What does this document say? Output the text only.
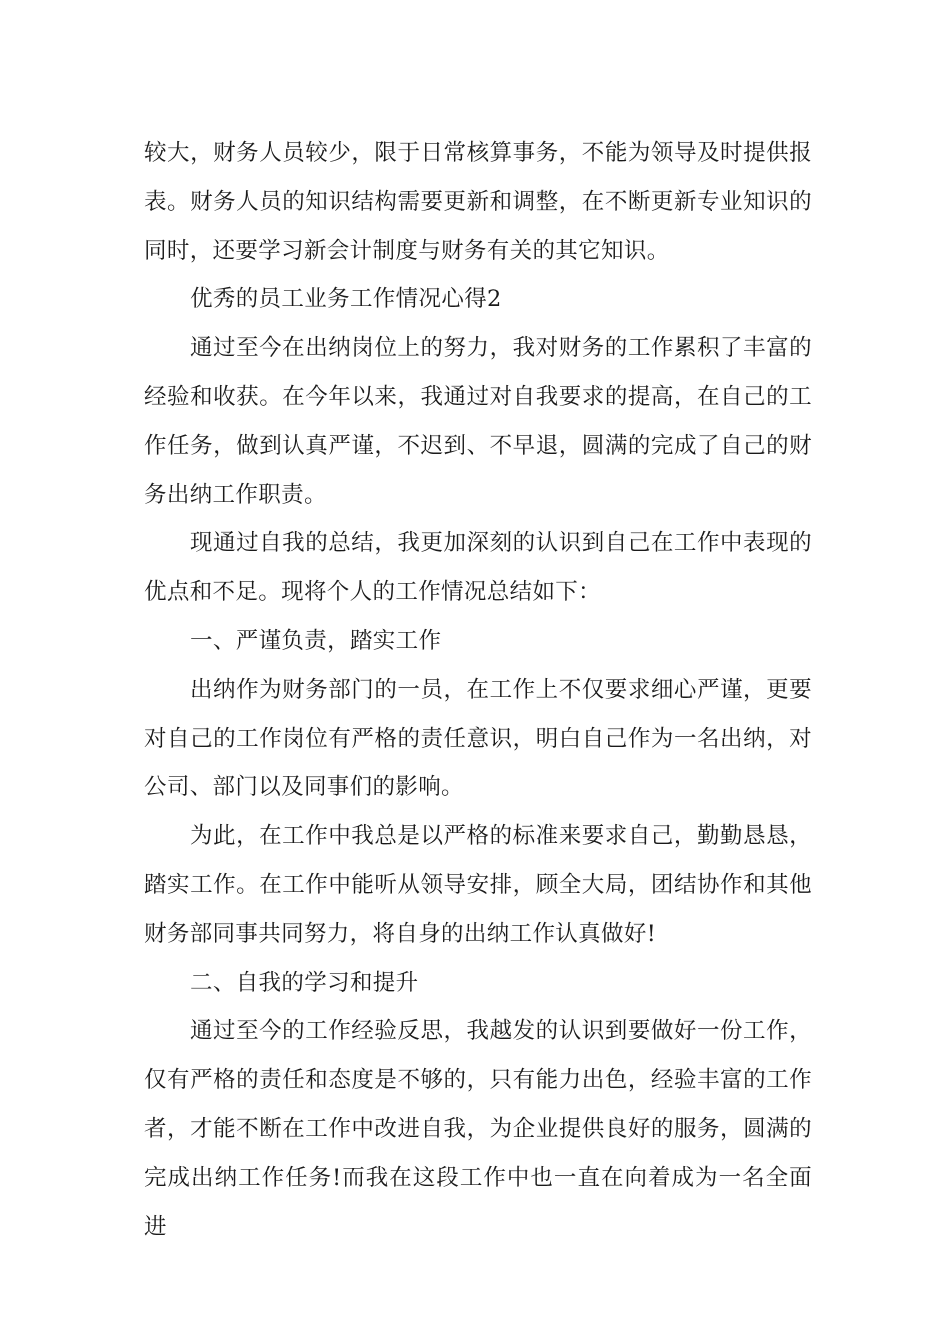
较大，财务人员较少，限于日常核算事务，不能为领导及时提供报表。财务人员的知识结构需要更新和调整，在不断更新专业知识的同时，还要学习新会计制度与财务有关的其它知识。

优秀的员工业务工作情况心得2

通过至今在出纳岗位上的努力，我对财务的工作累积了丰富的经验和收获。在今年以来，我通过对自我要求的提高，在自己的工作任务，做到认真严谨，不迟到、不早退，圆满的完成了自己的财务出纳工作职责。

现通过自我的总结，我更加深刻的认识到自己在工作中表现的优点和不足。现将个人的工作情况总结如下：

一、严谨负责，踏实工作

出纳作为财务部门的一员，在工作上不仅要求细心严谨，更要对自己的工作岗位有严格的责任意识，明白自己作为一名出纳，对公司、部门以及同事们的影响。

为此，在工作中我总是以严格的标准来要求自己，勤勤恳恳，踏实工作。在工作中能听从领导安排，顾全大局，团结协作和其他财务部同事共同努力，将自身的出纳工作认真做好!

二、自我的学习和提升

通过至今的工作经验反思，我越发的认识到要做好一份工作，仅有严格的责任和态度是不够的，只有能力出色，经验丰富的工作者，才能不断在工作中改进自我，为企业提供良好的服务，圆满的完成出纳工作任务!而我在这段工作中也一直在向着成为一名全面进
